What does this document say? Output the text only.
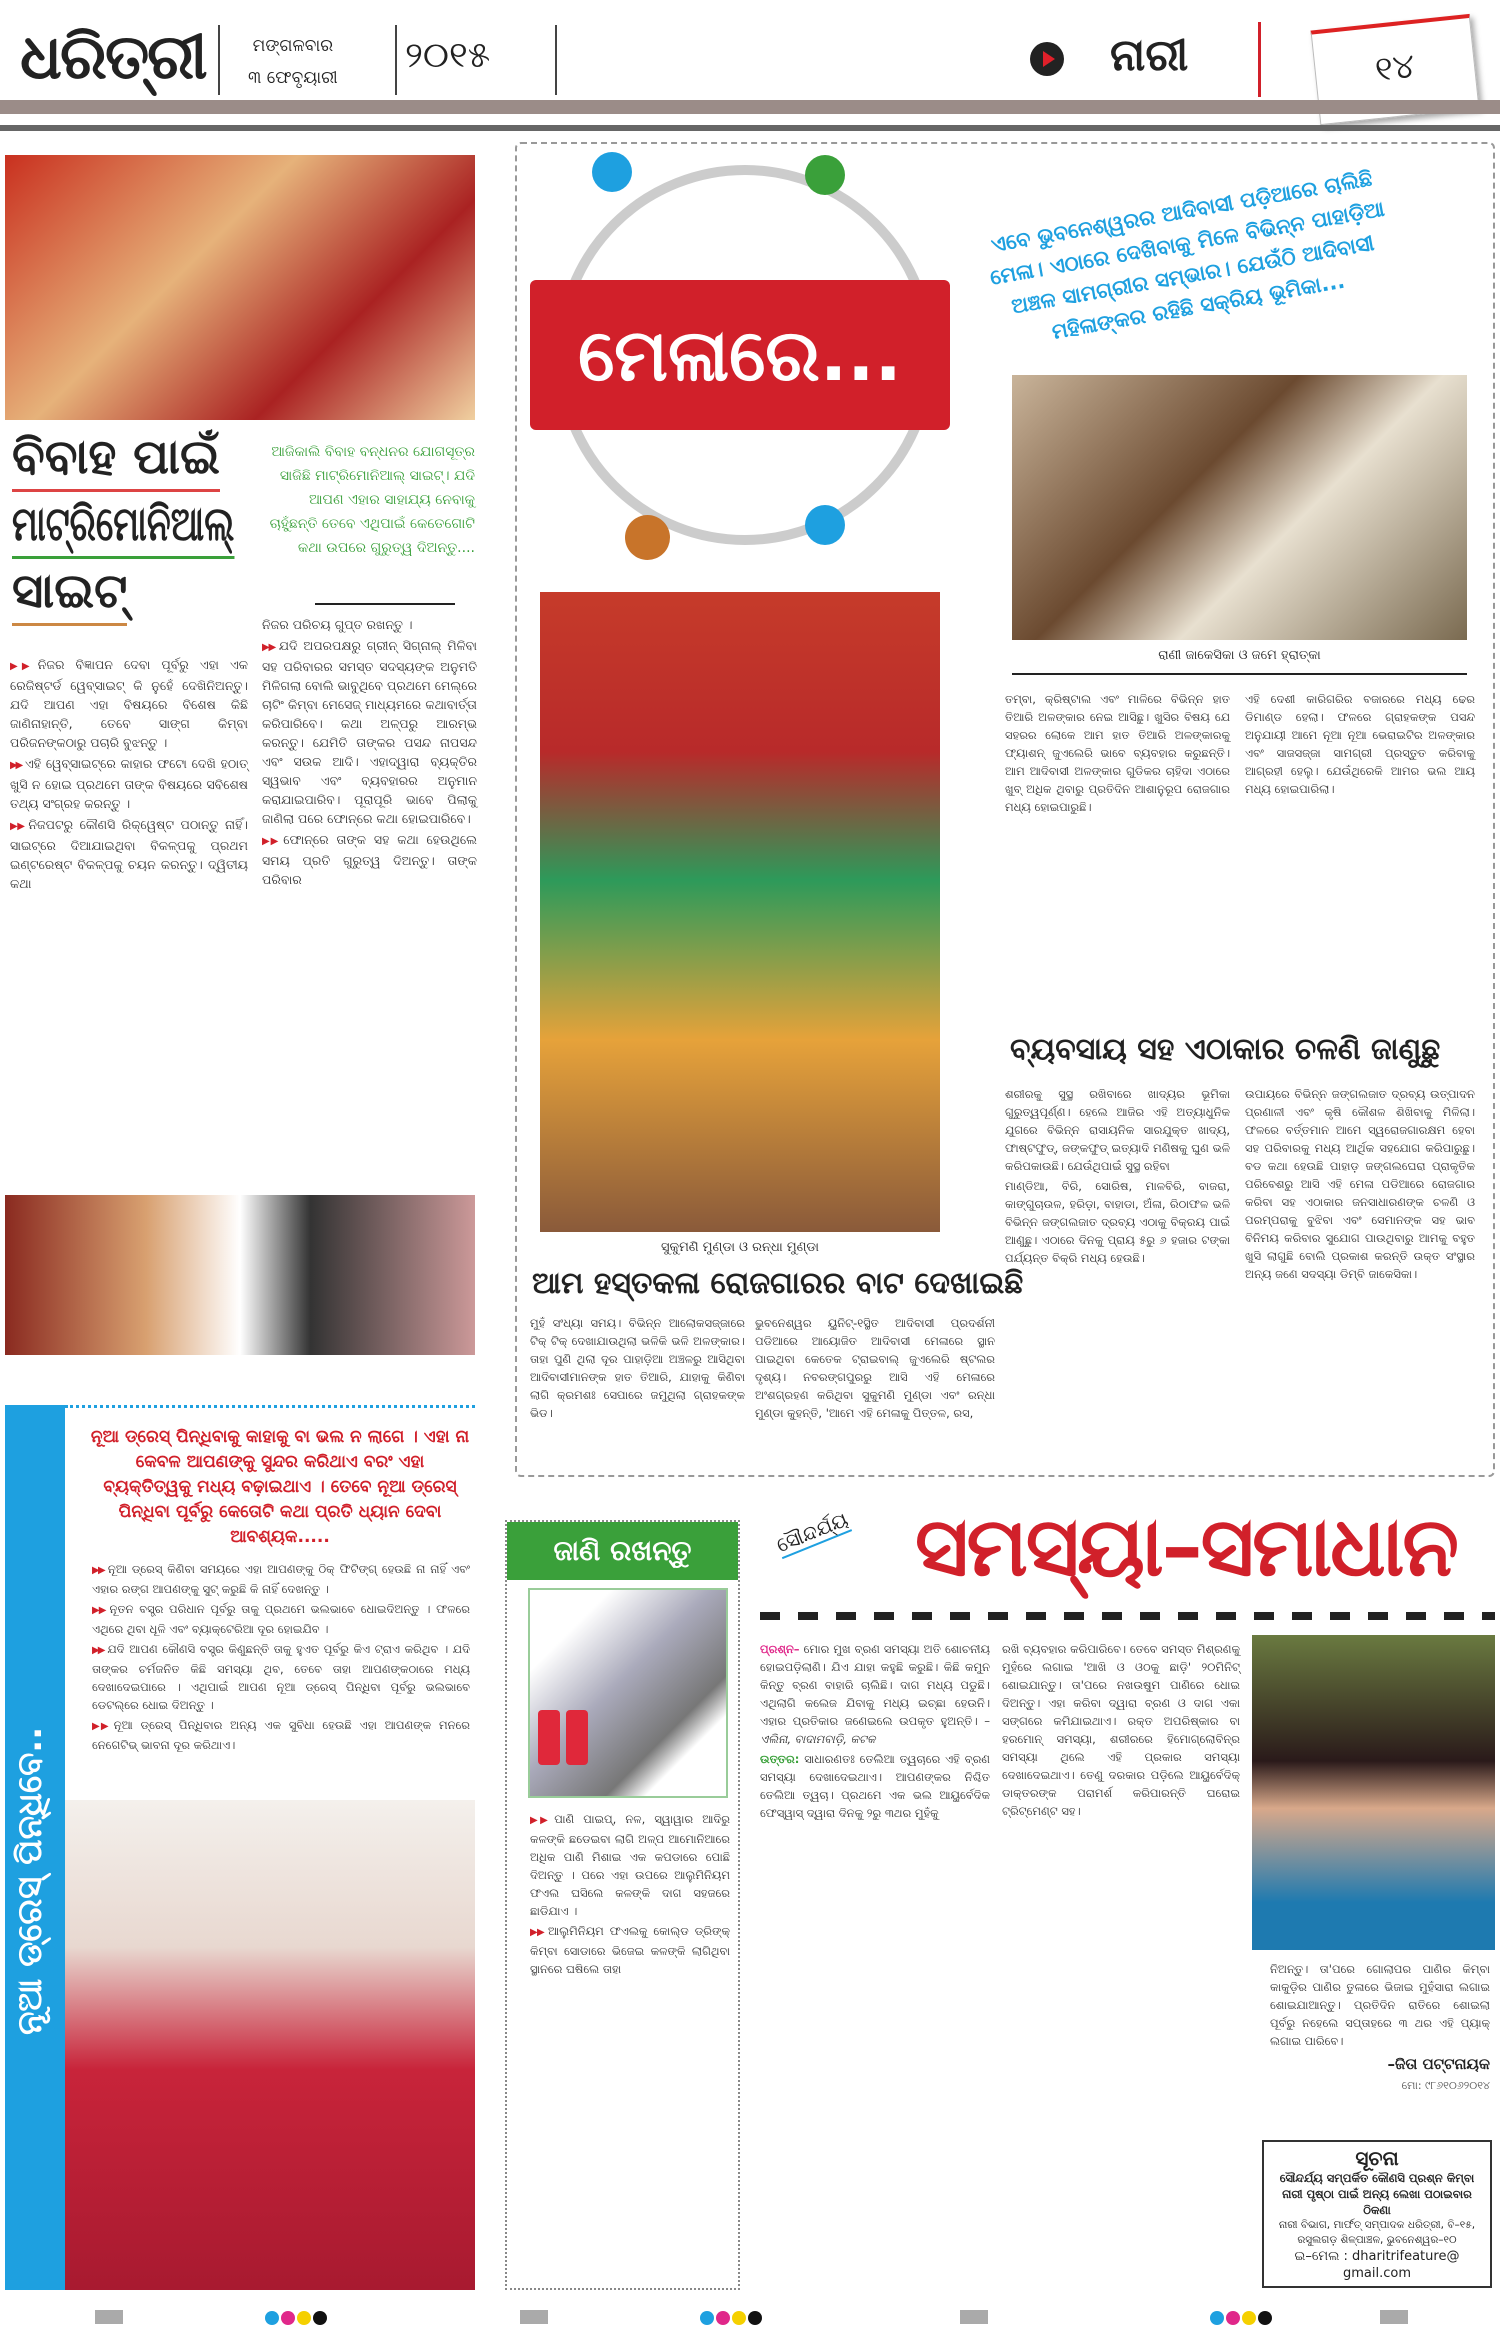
ଧରିତ୍ରୀ	ମଙ୍ଗଳବାର
୩ ଫେବୃୟାରୀ
୨୦୧୫	ନାରୀ	୧୪
ବିବାହ ପାଇଁ
ମାଟ୍ରିମୋନିଆଲ୍
ସାଇଟ୍
ଆଜିକାଲି ବିବାହ ବନ୍ଧନର ଯୋଗସୂତ୍ର ସାଜିଛି ମାଟ୍ରିମୋନିଆଲ୍ ସାଇଟ୍। ଯଦି ଆପଣ ଏହାର ସାହାଯ୍ୟ ନେବାକୁ ଚାହୁଁଛନ୍ତି ତେବେ ଏଥିପାଇଁ କେତେଗୋଟି କଥା ଉପରେ ଗୁରୁତ୍ୱ ଦିଅନ୍ତୁ....

▶▶ ନିଜର ବିଜ୍ଞାପନ ଦେବା ପୂର୍ବରୁ ଏହା ଏକ ରେଜିଷ୍ଟର୍ଡ ୱେବ୍‌ସାଇଟ୍ କି ନୁହେଁ ଦେଖିନିଅନ୍ତୁ। ଯଦି ଆପଣ ଏହା ବିଷୟରେ ବିଶେଷ କିଛି ଜାଣିନାହାନ୍ତି, ତେବେ ସାଙ୍ଗ କିମ୍ବା ପରିଜନଙ୍କଠାରୁ ପଚାରି ବୁଝନ୍ତୁ ।

▶▶ ଏହି ୱେବ୍‌ସାଇଟ୍‌ରେ କାହାର ଫଟୋ ଦେଖି ହଠାତ୍ ଖୁସି ନ ହୋଇ ପ୍ରଥମେ ତାଙ୍କ ବିଷୟରେ ସବିଶେଷ ତଥ୍ୟ ସଂଗ୍ରହ କରନ୍ତୁ ।

▶▶ ନିଜପଟରୁ କୌଣସି ରିକ୍ୱେଷ୍ଟ ପଠାନ୍ତୁ ନାହିଁ। ସାଇଟ୍‌ରେ ଦିଆଯାଇଥିବା ବିକଳ୍ପକୁ ପ୍ରଥମ ଇଣ୍ଟରେଷ୍ଟ ବିକଳ୍ପକୁ ଚୟନ କରନ୍ତୁ। ଦ୍ୱିତୀୟ କଥା

ନିଜର ପରିଚୟ ଗୁପ୍ତ ରଖନ୍ତୁ ।

▶▶ ଯଦି ଅପରପକ୍ଷରୁ ଗ୍ରୀନ୍ ସିଗ୍ନାଲ୍ ମିଳିବା ସହ ପରିବାରର ସମସ୍ତ ସଦସ୍ୟଙ୍କ ଅନୁମତି ମିଳିଗଲା ବୋଲି ଭାବୁଥିବେ ପ୍ରଥମେ ମେଲ୍‌ରେ ଚାଟିଂ କିମ୍ବା ମେସେଜ୍ ମାଧ୍ୟମରେ କଥାବାର୍ତ୍ତା କରିପାରିବେ। କଥା ଅଳ୍ପରୁ ଆରମ୍ଭ କରନ୍ତୁ। ଯେମିତି ତାଙ୍କର ପସନ୍ଦ ନାପସନ୍ଦ ଏବଂ ସଉକ ଆଦି। ଏହାଦ୍ୱାରା ବ୍ୟକ୍ତିର ସ୍ୱଭାବ ଏବଂ ବ୍ୟବହାରର ଅନୁମାନ କରାଯାଇପାରିବ। ପୂରାପୂରି ଭାବେ ପିଲାକୁ ଜାଣିଲା ପରେ ଫୋନ୍‌ରେ କଥା ହୋଇପାରିବେ।

▶▶ ଫୋନ୍‌ରେ ତାଙ୍କ ସହ କଥା ହେଉଥିଲେ ସମୟ ପ୍ରତି ଗୁରୁତ୍ୱ ଦିଅନ୍ତୁ। ତାଙ୍କ ପରିବାର

ମେଳାରେ...
ଏବେ ଭୁବନେଶ୍ୱରର ଆଦିବାସୀ ପଡ଼ିଆରେ ଚାଲିଛି ମେଳା। ଏଠାରେ ଦେଖିବାକୁ ମିଳେ ବିଭିନ୍ନ ପାହାଡ଼ିଆ ଅଞ୍ଚଳ ସାମଗ୍ରୀର ସମ୍ଭାର। ଯେଉଁଠି ଆଦିବାସୀ ମହିଳାଙ୍କର ରହିଛି ସକ୍ରିୟ ଭୂମିକା...
ରାଣୀ ଜାକେସିକା ଓ ଜମେ ହ୍ରାତ୍କା
ସୁକୁମଣି ମୁଣ୍ଡା ଓ ରନ୍ଧା ମୁଣ୍ଡା
ଆମ ହସ୍ତକଳା ରୋଜଗାରର ବାଟ ଦେଖାଇଛି

ମୁହଁ ସଂଧ୍ୟା ସମୟ। ବିଭିନ୍ନ ଆଲୋକସଜ୍ଜାରେ ଟିକ୍ ଟିକ୍ ଦେଖାଯାଉଥିଲା ଭଳିକି ଭଳି ଅଳଙ୍କାର। ତାହା ପୁଣି ଥିଲା ଦୂର ପାହାଡ଼ିଆ ଅଞ୍ଚଳରୁ ଆସିଥିବା ଆଦିବାସୀମାନଙ୍କ ହାତ ତିଆରି, ଯାହାକୁ କିଣିବା ଲାଗି କ୍ରମଶଃ ସେପାରେ ଜମୁଥିଲା ଗ୍ରାହକଙ୍କ ଭିଡ।

ଭୁବନେଶ୍ୱର ୟୁନିଟ୍-୧ସ୍ଥିତ ଆଦିବାସୀ ପ୍ରଦର୍ଶନୀ ପଡିଆରେ ଆୟୋଜିତ ଆଦିବାସୀ ମେଳାରେ ସ୍ଥାନ ପାଇଥିବା କେତେକ ଟ୍ରାଇବାଲ୍ ଜୁଏଲେରି ଷ୍ଟଲର ଦୃଶ୍ୟ। ନବରଙ୍ଗପୁରରୁ ଆସି ଏହି ମେଳାରେ ଅଂଶଗ୍ରହଣ କରିଥିବା ସୁକୁମଣି ମୁଣ୍ଡା ଏବଂ ରନ୍ଧା ମୁଣ୍ଡା କୁହନ୍ତି, 'ଆମେ ଏହି ମେଳାକୁ ପିତ୍ତଳ, ରସ,

ତମ୍ବା, କ୍ରିଷ୍ଟାଲ ଏବଂ ମାଳିରେ ବିଭିନ୍ନ ହାତ ତିଆରି ଅଳଙ୍କାର ନେଇ ଆସିଛୁ। ଖୁସିର ବିଷୟ ଯେ ସହରର ଲୋକେ ଆମ ହାତ ତିଆରି ଅଳଙ୍କାରକୁ ଫ୍ୟାଶନ୍ ଜୁଏଲେରି ଭାବେ ବ୍ୟବହାର କରୁଛନ୍ତି। ଆମ ଆଦିବାସୀ ଅଳଙ୍କାର ଗୁଡିକର ଚାହିଦା ଏଠାରେ ଖୁବ୍ ଅଧିକ ଥିବାରୁ ପ୍ରତିଦିନ ଆଶାନୁରୂପ ରୋଜଗାର ମଧ୍ୟ ହୋଇପାରୁଛି।

ଏହି ଦେଶୀ କାରିଗରିର ବଜାରରେ ମଧ୍ୟ ଢେର ଡିମାଣ୍ଡ ହେଲା। ଫଳରେ ଗ୍ରାହକଙ୍କ ପସନ୍ଦ ଅନୁଯାୟୀ ଆମେ ନୂଆ ନୂଆ ଭେରାଇଟିର ଅଳଙ୍କାର ଏବଂ ସାଜସଜ୍ଜା ସାମଗ୍ରୀ ପ୍ରସ୍ତୁତ କରିବାକୁ ଆଗ୍ରହୀ ହେଲୁ। ଯେଉଁଥିରେକି ଆମର ଭଲ ଆୟ ମଧ୍ୟ ହୋଇପାରିଲା।

ବ୍ୟବସାୟ ସହ ଏଠାକାର ଚଳଣି ଜାଣୁଛୁ

ଶରୀରକୁ ସୁସ୍ଥ ରଖିବାରେ ଖାଦ୍ୟର ଭୂମିକା ଗୁରୁତ୍ୱପୂର୍ଣ୍ଣ। ହେଲେ ଆଜିର ଏହି ଅତ୍ୟାଧୁନିକ ଯୁଗରେ ବିଭିନ୍ନ ରାସାୟନିକ ସାରଯୁକ୍ତ ଖାଦ୍ୟ, ଫାଷ୍ଟଫୁଡ୍, ଜଙ୍କଫୁଡ୍ ଇତ୍ୟାଦି ମଣିଷକୁ ଘୁଣ ଭଳି କରିପକାଉଛି। ଯେଉଁଥିପାଇଁ ସୁସ୍ଥ ରହିବା

ମାଣ୍ଡିଆ, ବିରି, ସୋରିଷ, ମାଳବିରି, ବାଜରା, କାଙ୍ଗୁଚାଉଳ, ହରିଡ଼ା, ବାହାଡା, ଅଁଳା, ରିଠାଫଳ ଭଳି ବିଭିନ୍ନ ଜଙ୍ଗଲଜାତ ଦ୍ରବ୍ୟ ଏଠାକୁ ବିକ୍ରୟ ପାଇଁ ଆଣୁଛୁ। ଏଠାରେ ଦିନକୁ ପ୍ରାୟ ୫ରୁ ୬ ହଜାର ଟଙ୍କା ପର୍ଯ୍ୟନ୍ତ ବିକ୍ରି ମଧ୍ୟ ହେଉଛି।

ଉପାୟରେ ବିଭିନ୍ନ ଜଙ୍ଗଲଜାତ ଦ୍ରବ୍ୟ ଉତ୍ପାଦନ ପ୍ରଣାଳୀ ଏବଂ କୃଷି କୌଶଳ ଶିଖିବାକୁ ମିଳିଲା। ଫଳରେ ବର୍ତ୍ତମାନ ଆମେ ସ୍ୱରୋଜଗାରକ୍ଷମ ହେବା ସହ ପରିବାରକୁ ମଧ୍ୟ ଆର୍ଥିକ ସହଯୋଗ କରିପାରୁଛୁ। ବଡ କଥା ହେଉଛି ପାହାଡ଼ ଜଙ୍ଗଲଘେରା ପ୍ରାକୃତିକ ପରିବେଶରୁ ଆସି ଏହି ମେଳା ପଡିଆରେ ରୋଜଗାର କରିବା ସହ ଏଠାକାର ଜନସାଧାରଣଙ୍କ ଚଳଣି ଓ ପରମ୍ପରାକୁ ବୁଝିବା ଏବଂ ସେମାନଙ୍କ ସହ ଭାବ ବିନିମୟ କରିବାର ସୁଯୋଗ ପାଉଥିବାରୁ ଆମକୁ ବହୁତ ଖୁସି ଲାଗୁଛି ବୋଲି ପ୍ରକାଶ କରନ୍ତି ଉକ୍ତ ସଂସ୍ଥାର ଅନ୍ୟ ଜଣେ ସଦସ୍ୟା ଡିମ୍ବି ଜାକେସିକା।

ନୂଆ ଡ୍ରେସ୍ ପିନ୍ଧିବେ..
ନୂଆ ଡ୍ରେସ୍ ପିନ୍ଧିବାକୁ କାହାକୁ ବା ଭଲ ନ ଲାଗେ । ଏହା ନା କେବଳ ଆପଣଙ୍କୁ ସୁନ୍ଦର କରିଥାଏ ବରଂ ଏହା ବ୍ୟକ୍ତିତ୍ୱକୁ ମଧ୍ୟ ବଢ଼ାଇଥାଏ । ତେବେ ନୂଆ ଡ୍ରେସ୍ ପିନ୍ଧିବା ପୂର୍ବରୁ କେତୋଟି କଥା ପ୍ରତି ଧ୍ୟାନ ଦେବା ଆବଶ୍ୟକ.....

▶▶ ନୂଆ ଡ୍ରେସ୍ କିଣିବା ସମୟରେ ଏହା ଆପଣଙ୍କୁ ଠିକ୍ ଫିଟିଙ୍ଗ୍ ହେଉଛି ନା ନାହିଁ ଏବଂ ଏହାର ରଙ୍ଗ ଆପଣଙ୍କୁ ସୁଟ୍ କରୁଛି କି ନାହିଁ ଦେଖନ୍ତୁ ।

▶▶ ନୂତନ ବସ୍ତ୍ର ପରିଧାନ ପୂର୍ବରୁ ତାକୁ ପ୍ରଥମେ ଭଲଭାବେ ଧୋଇଦିଅନ୍ତୁ । ଫଳରେ ଏଥିରେ ଥିବା ଧୂଳି ଏବଂ ବ୍ୟାକ୍ଟେରିଆ ଦୂର ହୋଇଯିବ ।

▶▶ ଯଦି ଆପଣ କୌଣସି ବସ୍ତ୍ର କିଣୁଛନ୍ତି ତାକୁ ହୁଏତ ପୂର୍ବରୁ କିଏ ଟ୍ରାଏ କରିଥିବ । ଯଦି ତାଙ୍କର ଚର୍ମଜନିତ କିଛି ସମସ୍ୟା ଥିବ, ତେବେ ତାହା ଆପଣଙ୍କଠାରେ ମଧ୍ୟ ଦେଖାଦେଇପାରେ । ଏଥିପାଇଁ ଆପଣ ନୂଆ ଡ୍ରେସ୍ ପିନ୍ଧିବା ପୂର୍ବରୁ ଭଲଭାବେ ଡେଟଲ୍‌ରେ ଧୋଇ ଦିଅନ୍ତୁ ।

▶▶ ନୂଆ ଡ୍ରେସ୍ ପିନ୍ଧିବାର ଅନ୍ୟ ଏକ ସୁବିଧା ହେଉଛି ଏହା ଆପଣଙ୍କ ମନରେ ନେଗେଟିଭ୍ ଭାବନା ଦୂର କରିଥାଏ।

ଜାଣି ରଖନ୍ତୁ

▶▶ ପାଣି ପାଇପ୍, ନଳ, ସ୍ୱାୱାର ଆଦିରୁ କଳଙ୍କି ଛଡେଇବା ଲାଗି ଅଳ୍ପ ଆମୋନିଆରେ ଅଧିକ ପାଣି ମିଶାଇ ଏକ କପଡାରେ ପୋଛି ଦିଅନ୍ତୁ । ପରେ ଏହା ଉପରେ ଆଲୁମିନିୟମ ଫଏଲ ଘସିଲେ କଳଙ୍କି ଦାଗ ସହଜରେ ଛାଡିଯାଏ ।

▶▶ ଆଲୁମିନିୟମ ଫଏଲକୁ କୋଲ୍ଡ ଡ୍ରିଙ୍କ୍ କିମ୍ବା ସୋଡାରେ ଭିଜେଇ କଳଙ୍କି ଲାଗିଥିବା ସ୍ଥାନରେ ଘଷିଲେ ତାହା

ସୌନ୍ଦର୍ଯ୍ୟ ସମସ୍ୟା–ସମାଧାନ

ପ୍ରଶ୍ନ– ମୋର ମୁଖ ବ୍ରଣ ସମସ୍ୟା ଅତି ଶୋଚନୀୟ ହୋଇପଡ଼ିଲାଣି। ଯିଏ ଯାହା କହୁଛି କରୁଛି। କିଛି କମୁନ କିନ୍ତୁ ବ୍ରଣ ବାହାରି ଚାଲିଛି। ଦାଗ ମଧ୍ୟ ପଡୁଛି। ଏଥିଲାଗି କଲେଜ ଯିବାକୁ ମଧ୍ୟ ଇଚ୍ଛା ହେଉନି। ଏହାର ପ୍ରତିକାର ଜଣେଇଲେ ଉପକୃତ ହୁଅନ୍ତି। –ଏଲିନା, ବାଦାମବାଡ଼ି, କଟକ

ଉତ୍ତର: ସାଧାରଣତଃ ତେଲିଆ ତ୍ୱଚାରେ ଏହି ବ୍ରଣ ସମସ୍ୟା ଦେଖାଦେଇଥାଏ। ଆପଣଙ୍କର ନିଶ୍ଚିତ ତେଲିଆ ତ୍ୱଚା। ପ୍ରଥମେ ଏକ ଭଲ ଆୟୁର୍ବେଦିକ ଫେସ୍‌ୱାସ୍ ଦ୍ୱାରା ଦିନକୁ ୨ରୁ ୩ଥର ମୁହଁକୁ

ରଖି ବ୍ୟବହାର କରିପାରିବେ। ତେବେ ସମସ୍ତ ମିଶ୍ରଣକୁ ମୁହଁରେ ଲଗାଇ 'ଆଖି ଓ ଓଠକୁ ଛାଡ଼ି' ୨୦ମିନିଟ୍ ଶୋଇଯାନ୍ତୁ। ତା'ପରେ ନଖଉଷୁମ ପାଣିରେ ଧୋଇ ଦିଅନ୍ତୁ। ଏହା କରିବା ଦ୍ୱାରା ବ୍ରଣ ଓ ଦାଗ ଏକା ସଙ୍ଗରେ କମିଯାଇଥାଏ। ରକ୍ତ ଅପରିଷ୍କାର ବା ହରମୋନ୍ ସମସ୍ୟା, ଶରୀରରେ ହିମୋଗ୍ଲୋବିନ୍‌ର ସମସ୍ୟା ଥିଲେ ଏହି ପ୍ରକାର ସମସ୍ୟା ଦେଖାଦେଇଥାଏ। ତେଣୁ ଦରକାର ପଡ଼ିଲେ ଆୟୁର୍ବେଦିକ୍ ଡାକ୍ତରଙ୍କ ପରାମର୍ଶ କରିପାରନ୍ତି ଘରୋଇ ଟ୍ରିଟ୍‌ମେଣ୍ଟ ସହ।

ନିଅନ୍ତୁ। ତା'ପରେ ଗୋଲାପର ପାଣିର କିମ୍ବା କାକୁଡ଼ିର ପାଣିର ତୁଳାରେ ଭିଜାଇ ମୁହଁସାରା ଲଗାଇ ଶୋଇଯାଆନ୍ତୁ। ପ୍ରତିଦିନ ରାତିରେ ଶୋଇଲା ପୂର୍ବରୁ ନହେଲେ ସପ୍ତାହରେ ୩ ଥର ଏହି ପ୍ୟାକ୍ ଲଗାଇ ପାରିବେ।
–ଜିତା ପଟ୍ଟନାୟକ
ମୋ: ୯୮୬୧୦୬୨୦୧୪
ସୂଚନା
ସୌନ୍ଦର୍ଯ୍ୟ ସମ୍ପର୍କିତ କୌଣସି ପ୍ରଶ୍ନ କିମ୍ବା ନାରୀ ପୃଷ୍ଠା ପାଇଁ ଅନ୍ୟ ଲେଖା ପଠାଇବାର ଠିକଣା
ନାରୀ ବିଭାଗ, ମାର୍ଫତ୍ ସମ୍ପାଦକ ଧରିତ୍ରୀ, ବି–୧୫, ରସୁଲଗଡ଼ ଶିଳ୍ପାଞ୍ଚଳ, ଭୁବନେଶ୍ୱର–୧୦
ଇ–ମେଲ : dharitrifeature@ gmail.com
